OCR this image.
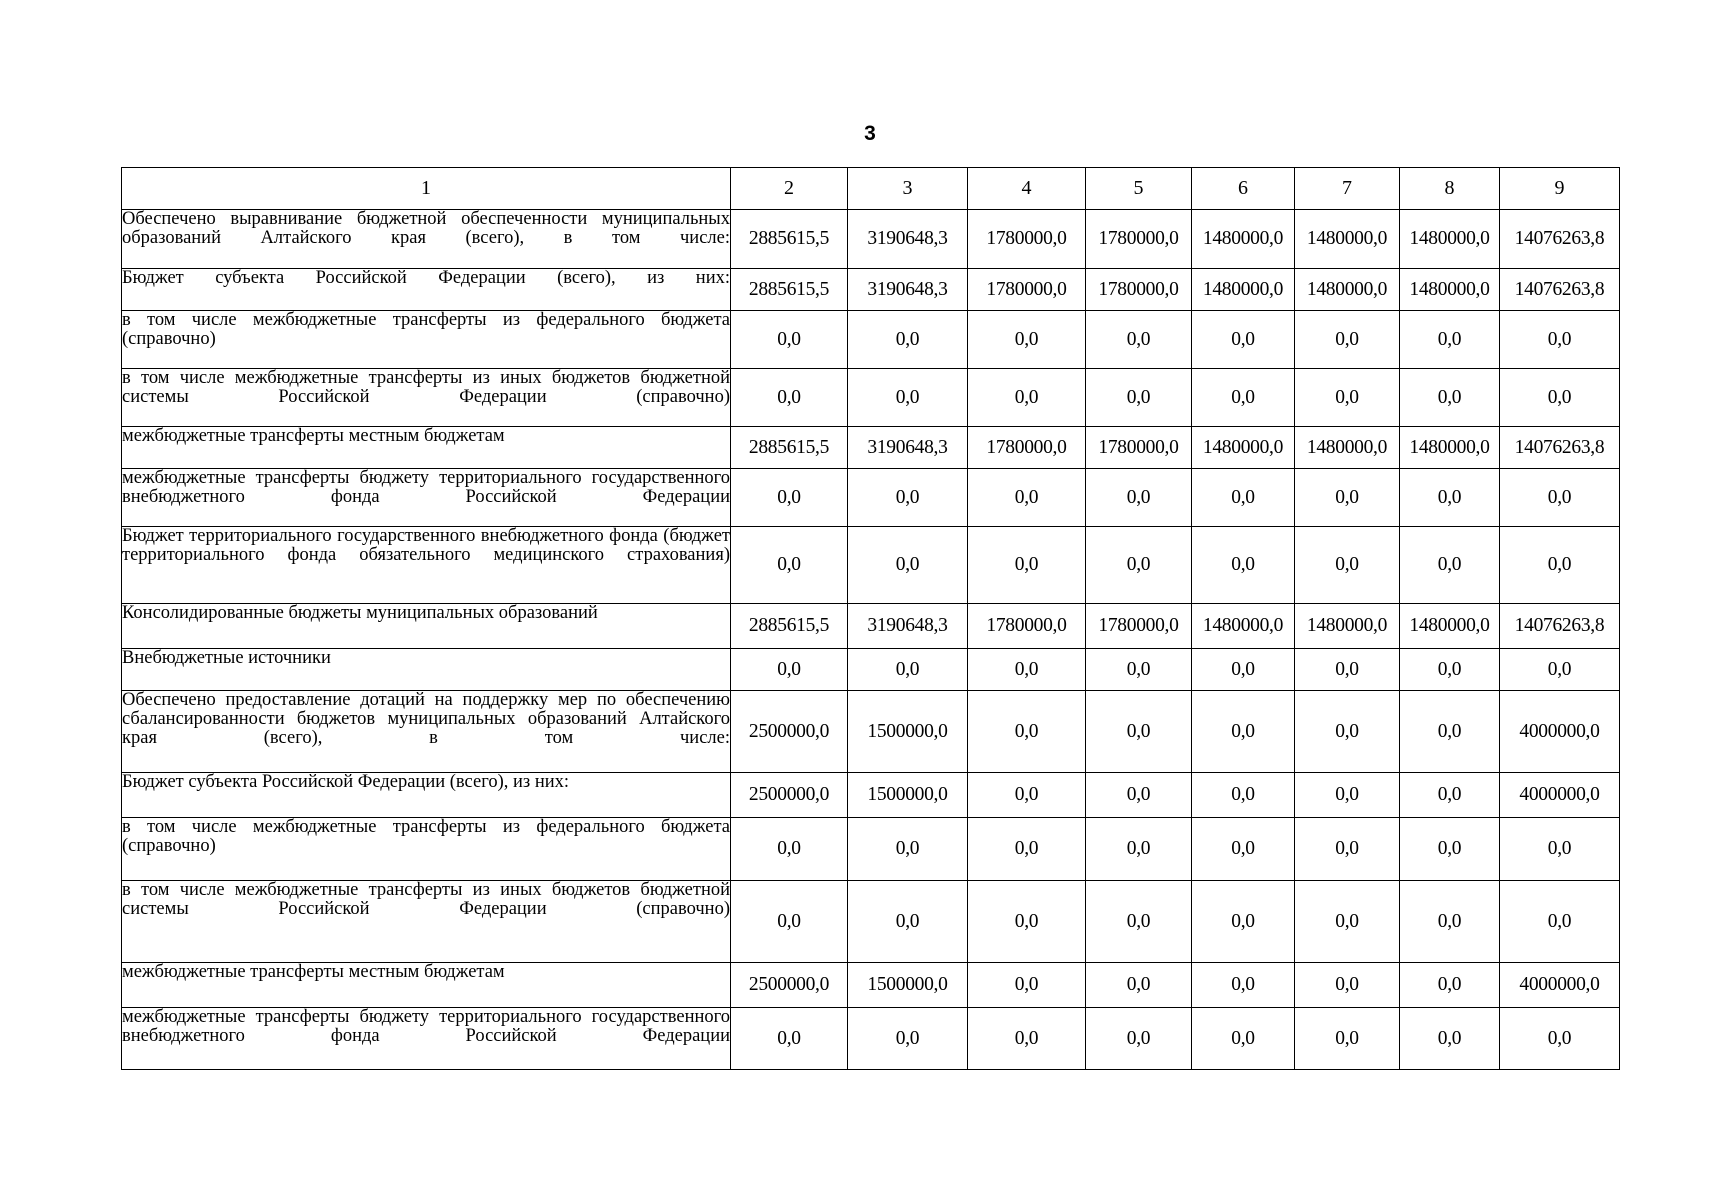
3
1	2	3	4	5	6	7	8	9
Обеспечено выравнивание бюджетной обеспеченности муниципальных образований Алтайского края (всего), в том числе:	2885615,5	3190648,3	1780000,0	1780000,0	1480000,0	1480000,0	1480000,0	14076263,8
Бюджет субъекта Российской Федерации (всего), из них:	2885615,5	3190648,3	1780000,0	1780000,0	1480000,0	1480000,0	1480000,0	14076263,8
в том числе межбюджетные трансферты из федерального бюджета (справочно)	0,0	0,0	0,0	0,0	0,0	0,0	0,0	0,0
в том числе межбюджетные трансферты из иных бюджетов бюджетной системы Российской Федерации (справочно)	0,0	0,0	0,0	0,0	0,0	0,0	0,0	0,0
межбюджетные трансферты местным бюджетам	2885615,5	3190648,3	1780000,0	1780000,0	1480000,0	1480000,0	1480000,0	14076263,8
межбюджетные трансферты бюджету территориального государственного внебюджетного фонда Российской Федерации	0,0	0,0	0,0	0,0	0,0	0,0	0,0	0,0
Бюджет территориального государственного внебюджетного фонда (бюджет территориального фонда обязательного медицинского страхования)	0,0	0,0	0,0	0,0	0,0	0,0	0,0	0,0
Консолидированные бюджеты муниципальных образований	2885615,5	3190648,3	1780000,0	1780000,0	1480000,0	1480000,0	1480000,0	14076263,8
Внебюджетные источники	0,0	0,0	0,0	0,0	0,0	0,0	0,0	0,0
Обеспечено предоставление дотаций на поддержку мер по обеспечению сбалансированности бюджетов муниципальных образований Алтайского края (всего), в том числе:	2500000,0	1500000,0	0,0	0,0	0,0	0,0	0,0	4000000,0
Бюджет субъекта Российской Федерации (всего), из них:	2500000,0	1500000,0	0,0	0,0	0,0	0,0	0,0	4000000,0
в том числе межбюджетные трансферты из федерального бюджета (справочно)	0,0	0,0	0,0	0,0	0,0	0,0	0,0	0,0
в том числе межбюджетные трансферты из иных бюджетов бюджетной системы Российской Федерации (справочно)	0,0	0,0	0,0	0,0	0,0	0,0	0,0	0,0
межбюджетные трансферты местным бюджетам	2500000,0	1500000,0	0,0	0,0	0,0	0,0	0,0	4000000,0
межбюджетные трансферты бюджету территориального государственного внебюджетного фонда Российской Федерации	0,0	0,0	0,0	0,0	0,0	0,0	0,0	0,0
